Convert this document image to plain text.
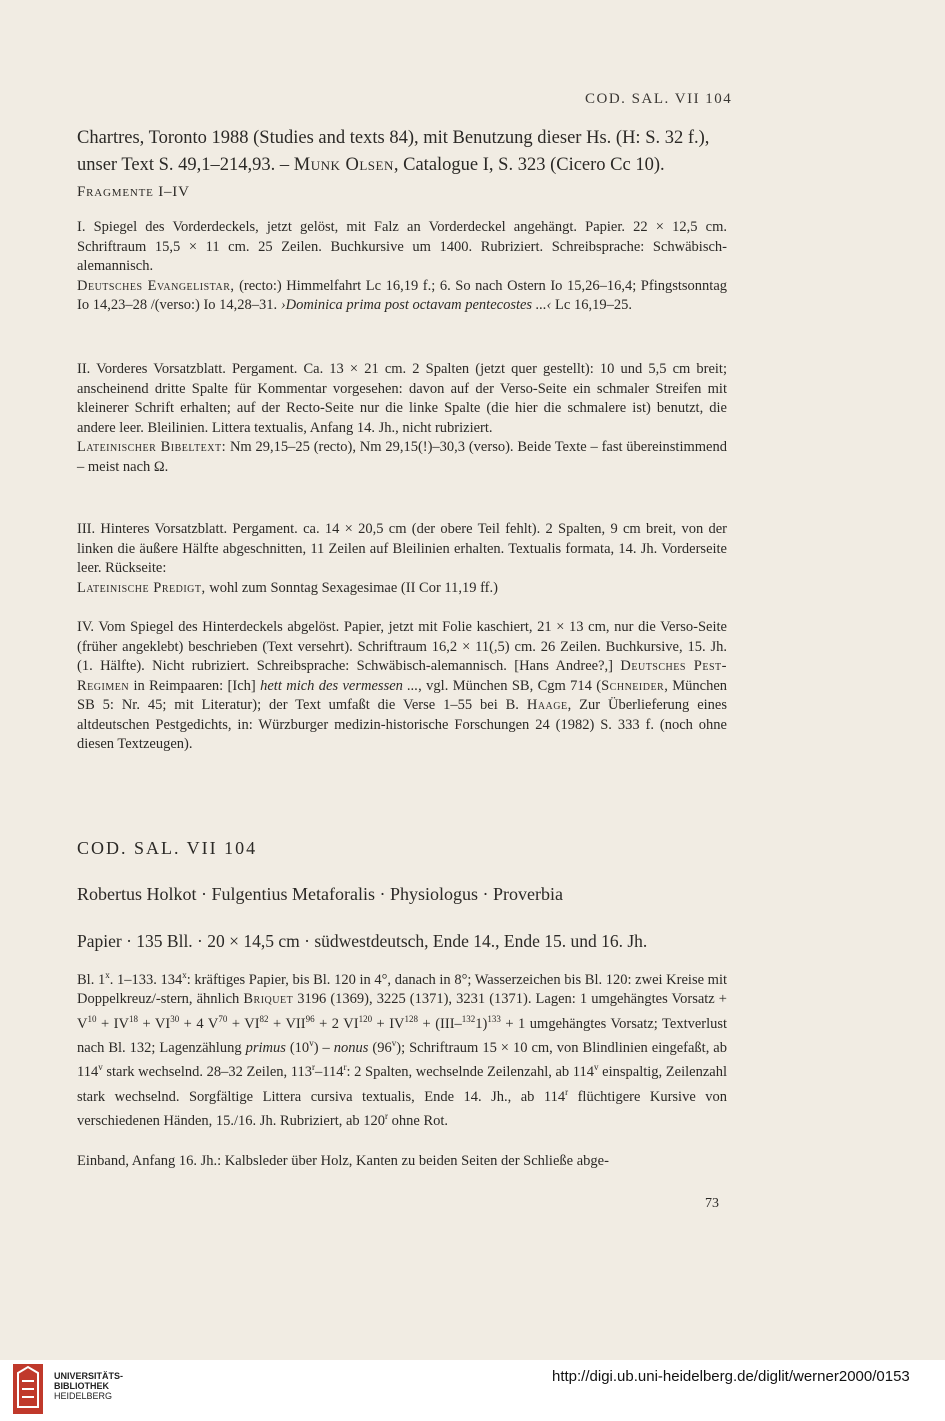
COD. SAL. VII 104
Chartres, Toronto 1988 (Studies and texts 84), mit Benutzung dieser Hs. (H: S. 32 f.),
unser Text S. 49,1–214,93. – Munk Olsen, Catalogue I, S. 323 (Cicero Cc 10).
Fragmente I–IV

I. Spiegel des Vorderdeckels, jetzt gelöst, mit Falz an Vorderdeckel angehängt. Papier. 22 × 12,5 cm. Schriftraum 15,5 × 11 cm. 25 Zeilen. Buchkursive um 1400. Rubriziert. Schreibsprache: Schwäbisch-alemannisch.
Deutsches Evangelistar, (recto:) Himmelfahrt Lc 16,19 f.; 6. So nach Ostern Io 15,26–16,4; Pfingstsonntag Io 14,23–28 /(verso:) Io 14,28–31. ›Dominica prima post octavam pentecostes ...‹ Lc 16,19–25.

II. Vorderes Vorsatzblatt. Pergament. Ca. 13 × 21 cm. 2 Spalten (jetzt quer gestellt): 10 und 5,5 cm breit; anscheinend dritte Spalte für Kommentar vorgesehen: davon auf der Verso-Seite ein schmaler Streifen mit kleinerer Schrift erhalten; auf der Recto-Seite nur die linke Spalte (die hier die schmalere ist) benutzt, die andere leer. Bleilinien. Littera textualis, Anfang 14. Jh., nicht rubriziert.
Lateinischer Bibeltext: Nm 29,15–25 (recto), Nm 29,15(!)–30,3 (verso). Beide Texte – fast übereinstimmend – meist nach Ω.

III. Hinteres Vorsatzblatt. Pergament. ca. 14 × 20,5 cm (der obere Teil fehlt). 2 Spalten, 9 cm breit, von der linken die äußere Hälfte abgeschnitten, 11 Zeilen auf Bleilinien erhalten. Textualis formata, 14. Jh. Vorderseite leer. Rückseite:
Lateinische Predigt, wohl zum Sonntag Sexagesimae (II Cor 11,19 ff.)

IV. Vom Spiegel des Hinterdeckels abgelöst. Papier, jetzt mit Folie kaschiert, 21 × 13 cm, nur die Verso-Seite (früher angeklebt) beschrieben (Text versehrt). Schriftraum 16,2 × 11(,5) cm. 26 Zeilen. Buchkursive, 15. Jh. (1. Hälfte). Nicht rubriziert. Schreibsprache: Schwäbisch-alemannisch. [Hans Andree?,] Deutsches Pest-Regimen in Reimpaaren: [Ich] hett mich des vermessen ..., vgl. München SB, Cgm 714 (Schneider, München SB 5: Nr. 45; mit Literatur); der Text umfaßt die Verse 1–55 bei B. Haage, Zur Überlieferung eines altdeutschen Pestgedichts, in: Würzburger medizin-historische Forschungen 24 (1982) S. 333 f. (noch ohne diesen Textzeugen).

COD. SAL. VII 104
Robertus Holkot · Fulgentius Metaforalis · Physiologus · Proverbia
Papier · 135 Bll. · 20 × 14,5 cm · südwestdeutsch, Ende 14., Ende 15. und 16. Jh.

Bl. 1$^x$. 1–133. 134$^x$: kräftiges Papier, bis Bl. 120 in 4°, danach in 8°; Wasserzeichen bis Bl. 120: zwei Kreise mit Doppelkreuz/-stern, ähnlich Briquet 3196 (1369), 3225 (1371), 3231 (1371). Lagen: 1 umgehängtes Vorsatz + $V^{10} + IV^{18} + VI^{30} + 4$ $V^{70} + VI^{82} + VII^{96} + 2$ $VI^{120} + IV^{128} + (III-^{132}1)^{133} + 1$ umgehängtes Vorsatz; Textverlust nach Bl. 132; Lagenzählung primus (10$^v$) – nonus (96$^v$); Schriftraum 15 × 10 cm, von Blindlinien eingefaßt, ab 114$^v$ stark wechselnd. 28–32 Zeilen, 113$^r$–114$^r$: 2 Spalten, wechselnde Zeilenzahl, ab 114$^v$ einspaltig, Zeilenzahl stark wechselnd. Sorgfältige Littera cursiva textualis, Ende 14. Jh., ab 114$^r$ flüchtigere Kursive von verschiedenen Händen, 15./16. Jh. Rubriziert, ab 120$^r$ ohne Rot.

Einband, Anfang 16. Jh.: Kalbsleder über Holz, Kanten zu beiden Seiten der Schließe abge-
73
UNIVERSITÄTS-
BIBLIOTHEK
HEIDELBERG
http://digi.ub.uni-heidelberg.de/diglit/werner2000/0153
